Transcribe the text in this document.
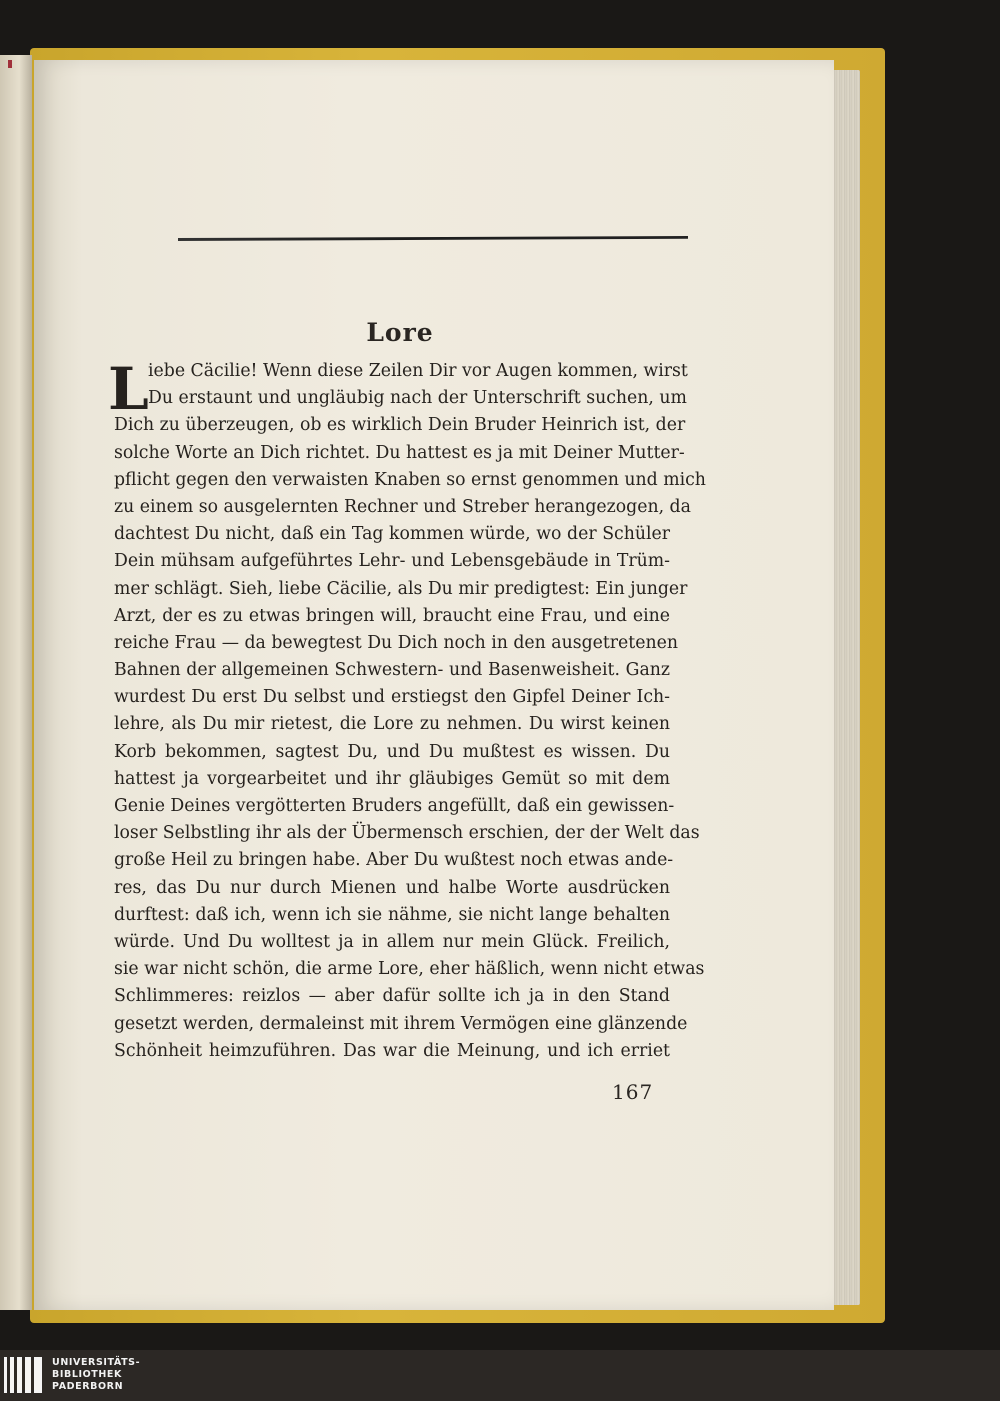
Lore
L iebe Cäcilie! Wenn diese Zeilen Dir vor Augen kommen, wirst
Du erstaunt und ungläubig nach der Unterschrift suchen, um
Dich zu überzeugen, ob es wirklich Dein Bruder Heinrich ist, der
solche Worte an Dich richtet. Du hattest es ja mit Deiner Mutter-
pflicht gegen den verwaisten Knaben so ernst genommen und mich
zu einem so ausgelernten Rechner und Streber herangezogen, da
dachtest Du nicht, daß ein Tag kommen würde, wo der Schüler
Dein mühsam aufgeführtes Lehr- und Lebensgebäude in Trüm-
mer schlägt. Sieh, liebe Cäcilie, als Du mir predigtest: Ein junger
Arzt, der es zu etwas bringen will, braucht eine Frau, und eine
reiche Frau — da bewegtest Du Dich noch in den ausgetretenen
Bahnen der allgemeinen Schwestern- und Basenweisheit. Ganz
wurdest Du erst Du selbst und erstiegst den Gipfel Deiner Ich-
lehre, als Du mir rietest, die Lore zu nehmen. Du wirst keinen
Korb bekommen, sagtest Du, und Du mußtest es wissen. Du
hattest ja vorgearbeitet und ihr gläubiges Gemüt so mit dem
Genie Deines vergötterten Bruders angefüllt, daß ein gewissen-
loser Selbstling ihr als der Übermensch erschien, der der Welt das
große Heil zu bringen habe. Aber Du wußtest noch etwas ande-
res, das Du nur durch Mienen und halbe Worte ausdrücken
durftest: daß ich, wenn ich sie nähme, sie nicht lange behalten
würde. Und Du wolltest ja in allem nur mein Glück. Freilich,
sie war nicht schön, die arme Lore, eher häßlich, wenn nicht etwas
Schlimmeres: reizlos — aber dafür sollte ich ja in den Stand
gesetzt werden, dermaleinst mit ihrem Vermögen eine glänzende
Schönheit heimzuführen. Das war die Meinung, und ich erriet
167
UNIVERSITÄTS-
BIBLIOTHEK
PADERBORN
